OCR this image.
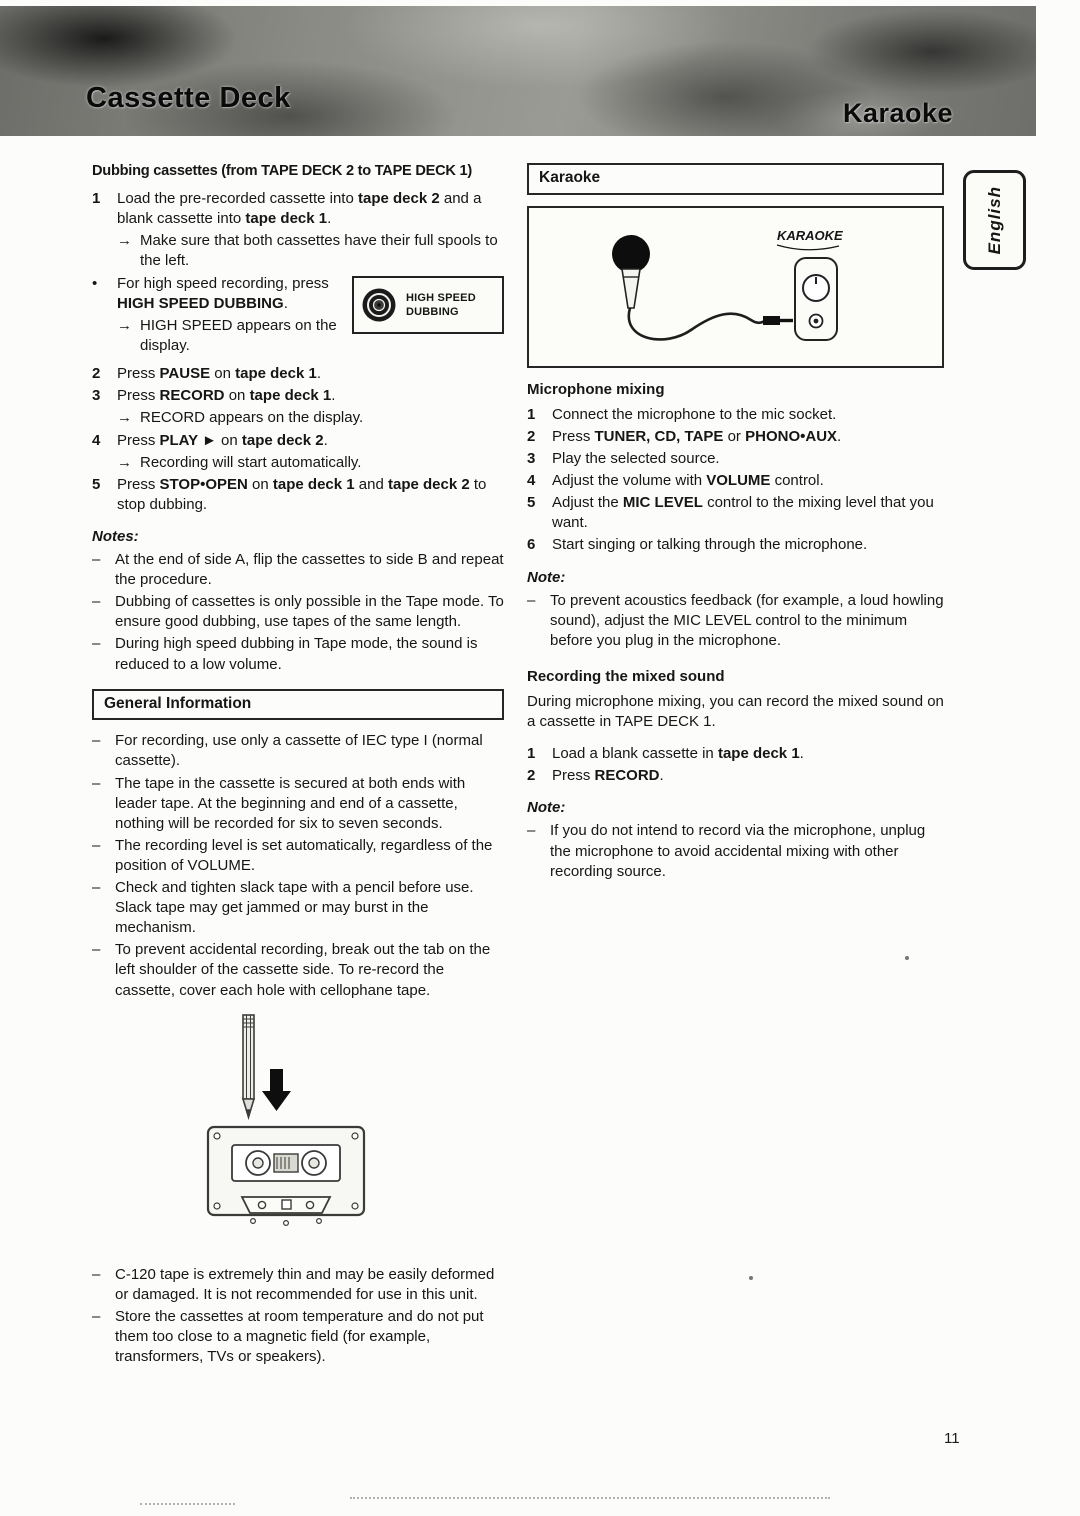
Cassette Deck	Karaoke
English
Dubbing cassettes (from TAPE DECK 2 to TAPE DECK 1)
1	Load the pre-recorded cassette into tape deck 2 and a blank cassette into tape deck 1.
→ Make sure that both cassettes have their full spools to the left.
•	For high speed recording, press HIGH SPEED DUBBING.
→ HIGH SPEED appears on the display.
HIGH SPEED
DUBBING
2	Press PAUSE on tape deck 1.
3	Press RECORD on tape deck 1.
→ RECORD appears on the display.
4	Press PLAY ► on tape deck 2.
→ Recording will start automatically.
5	Press STOP•OPEN on tape deck 1 and tape deck 2 to stop dubbing.
Notes:
– At the end of side A, flip the cassettes to side B and repeat the procedure.
– Dubbing of cassettes is only possible in the Tape mode. To ensure good dubbing, use tapes of the same length.
– During high speed dubbing in Tape mode, the sound is reduced to a low volume.
General Information
– For recording, use only a cassette of IEC type I (normal cassette).
– The tape in the cassette is secured at both ends with leader tape. At the beginning and end of a cassette, nothing will be recorded for six to seven seconds.
– The recording level is set automatically, regardless of the position of VOLUME.
– Check and tighten slack tape with a pencil before use. Slack tape may get jammed or may burst in the mechanism.
– To prevent accidental recording, break out the tab on the left shoulder of the cassette side. To re-record the cassette, cover each hole with cellophane tape.
– C-120 tape is extremely thin and may be easily deformed or damaged. It is not recommended for use in this unit.
– Store the cassettes at room temperature and do not put them too close to a magnetic field (for example, transformers, TVs or speakers).
Karaoke
KARAOKE
Microphone mixing
1	Connect the microphone to the mic socket.
2	Press TUNER, CD, TAPE or PHONO•AUX.
3	Play the selected source.
4	Adjust the volume with VOLUME control.
5	Adjust the MIC LEVEL control to the mixing level that you want.
6	Start singing or talking through the microphone.
Note:
– To prevent acoustics feedback (for example, a loud howling sound), adjust the MIC LEVEL control to the minimum before you plug in the microphone.
Recording the mixed sound
During microphone mixing, you can record the mixed sound on a cassette in TAPE DECK 1.
1	Load a blank cassette in tape deck 1.
2	Press RECORD.
Note:
– If you do not intend to record via the microphone, unplug the microphone to avoid accidental mixing with other recording source.
11
